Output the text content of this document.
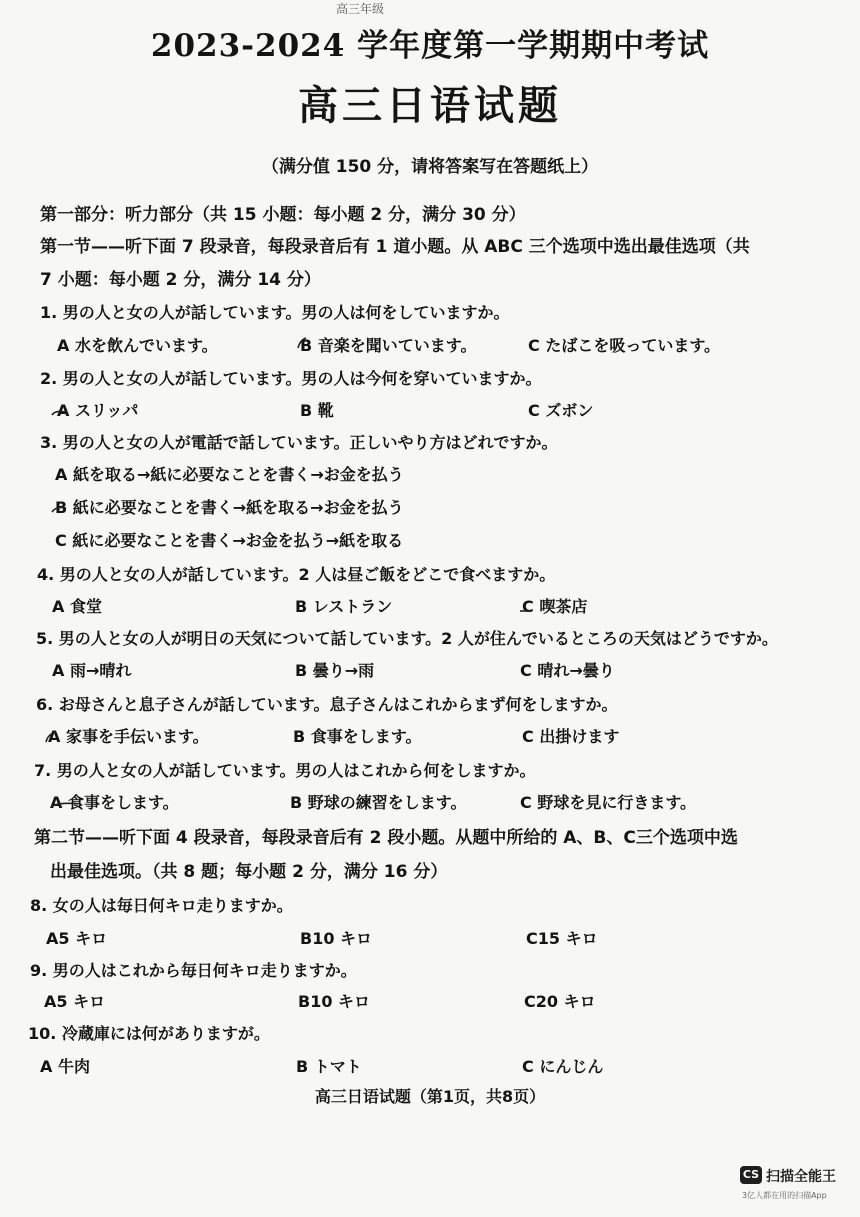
高三年级
2023-2024 学年度第一学期期中考试
高三日语试题
（满分值 150 分，请将答案写在答题纸上）
第一部分：听力部分（共 15 小题：每小题 2 分，满分 30 分）
第一节——听下面 7 段录音，每段录音后有 1 道小题。从 ABC 三个选项中选出最佳选项（共
7 小题：每小题 2 分，满分 14 分）
1. 男の人と女の人が話しています。男の人は何をしていますか。
A 水を飲んでいます。	B 音楽を聞いています。	C たばこを吸っています。
2. 男の人と女の人が話しています。男の人は今何を穿いていますか。
A スリッパ	B 靴	C ズボン
3. 男の人と女の人が電話で話しています。正しいやり方はどれですか。
A 紙を取る→紙に必要なことを書く→お金を払う
B 紙に必要なことを書く→紙を取る→お金を払う
C 紙に必要なことを書く→お金を払う→紙を取る
4. 男の人と女の人が話しています。2 人は昼ご飯をどこで食べますか。
A 食堂	B レストラン	C 喫茶店
5. 男の人と女の人が明日の天気について話しています。2 人が住んでいるところの天気はどうですか。
A 雨→晴れ	B 曇り→雨	C 晴れ→曇り
6. お母さんと息子さんが話しています。息子さんはこれからまず何をしますか。
A 家事を手伝います。	B 食事をします。	C 出掛けます
7. 男の人と女の人が話しています。男の人はこれから何をしますか。
A 食事をします。	B 野球の練習をします。	C 野球を見に行きます。
第二节——听下面 4 段录音，每段录音后有 2 段小题。从题中所给的 A、B、C三个选项中选
出最佳选项。（共 8 题；每小题 2 分，满分 16 分）
8. 女の人は毎日何キロ走りますか。
A5 キロ	B10 キロ	C15 キロ
9. 男の人はこれから毎日何キロ走りますか。
A5 キロ	B10 キロ	C20 キロ
10. 冷蔵庫には何がありますが。
A 牛肉	B トマト	C にんじん
高三日语试题（第1页，共8页）
CS 扫描全能王
3亿人都在用的扫描App
